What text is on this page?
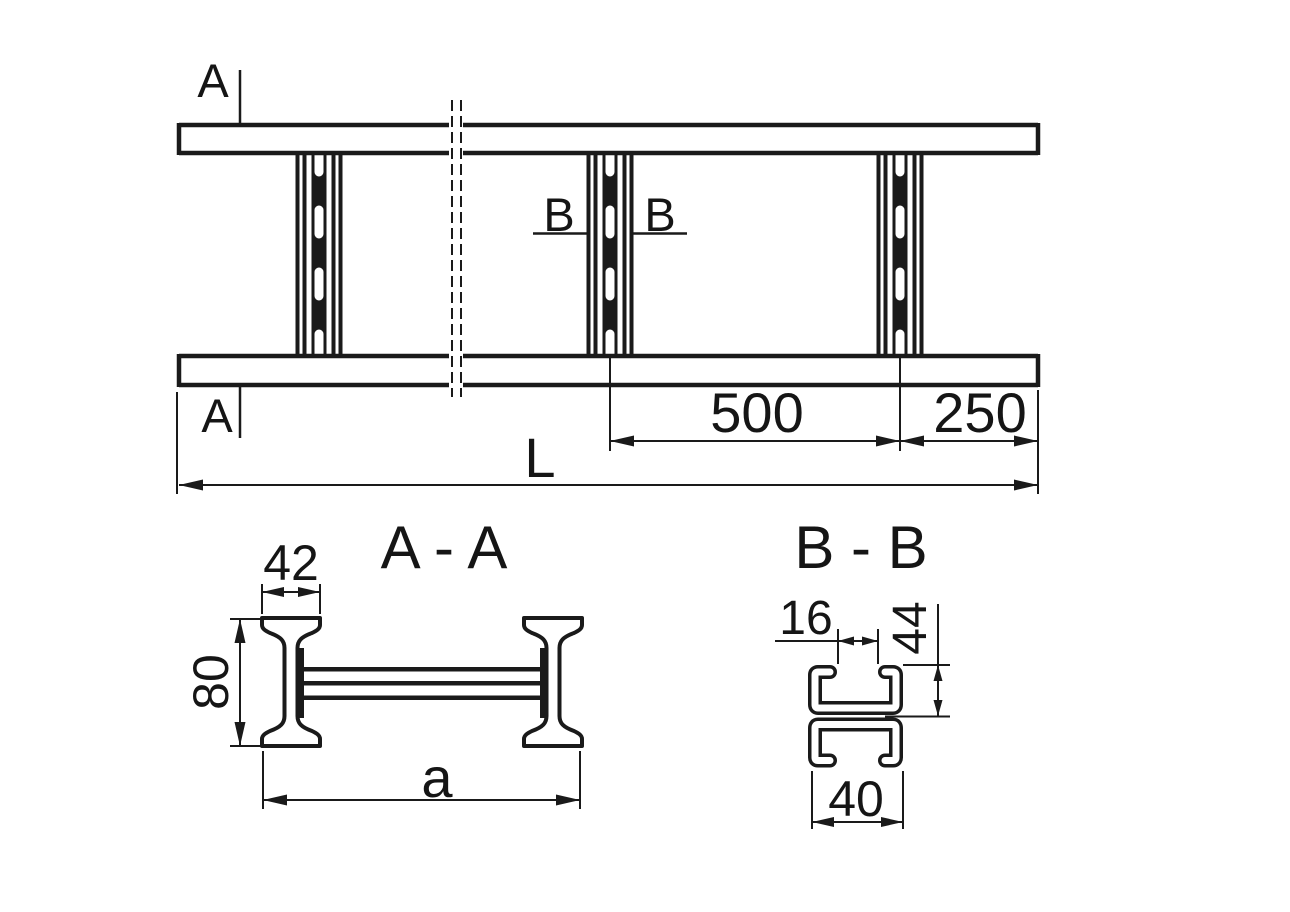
A
A
B B
500 250
L
A - A
42
80
a
B - B
16 44
40
